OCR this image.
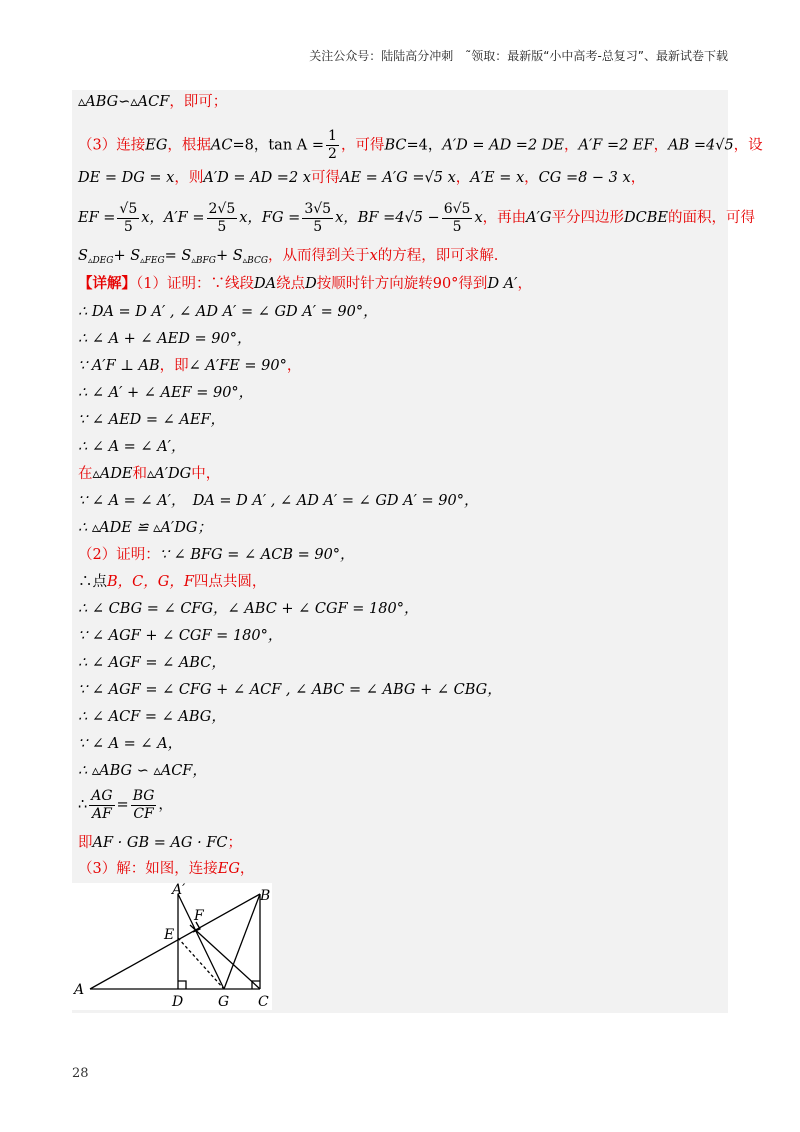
关注公众号：陆陆高分冲刺　˜领取：最新版“小中高考-总复习”、最新试卷下载
▵ABG∽▵ACF，即可；
（3）连接EG，根据AC=8，$\tan A = \frac{1}{2}$ ，可得BC=4，A′D = AD =2 DE，A′F =2 EF，AB =4√5，设
DE = DG = x，则A′D = AD =2 x可得AE = A′G =√5 x，A′E = x，CG =8 − 3 x，
EF = $\frac{√5}{5}$ x，$A'F = \frac{2√5}{5}$ x，FG = $\frac{3√5}{5}$ x，BF $=4√5 - \frac{6√5}{5}$ x，再由A′G平分四边形DCBE的面积，可得
$S_{▵DEG}+ S_{▵FEG}= S_{▵BFG}+ S_{▵BCG}$，从而得到关于x的方程，即可求解.
【详解】（1）证明：∵线段DA绕点D按顺时针方向旋转90°得到D A′，
∴ DA = D A′ , ∠ AD A′ = ∠ GD A′ = 90°，
∴ ∠ A + ∠ AED = 90°，
∵ A′F ⊥ AB，即∠ A′FE = 90°，
∴ ∠ A′ + ∠ AEF = 90°，
∵ ∠ AED = ∠ AEF，
∴ ∠ A = ∠ A′，
在▵ADE和▵A′DG中，
∵ ∠ A = ∠ A′，　DA = D A′ , ∠ AD A′ = ∠ GD A′ = 90°，
∴ ▵ADE ≌ ▵A′DG；
（2）证明：∵ ∠ BFG = ∠ ACB = 90°，
∴点B，C，G，F四点共圆，
∴ ∠ CBG = ∠ CFG，∠ ABC + ∠ CGF = 180°，
∵ ∠ AGF + ∠ CGF = 180°，
∴ ∠ AGF = ∠ ABC，
∵ ∠ AGF = ∠ CFG + ∠ ACF , ∠ ABC = ∠ ABG + ∠ CBG，
∴ ∠ ACF = ∠ ABG，
∵ ∠ A = ∠ A，
∴ ▵ABG ∽ ▵ACF，
∴ $\frac{AG}{AF} = \frac{BG}{CF}$ ，
即AF · GB = AG · FC；
（3）解：如图，连接EG，
A′	B
F
E
A
D G C
28
